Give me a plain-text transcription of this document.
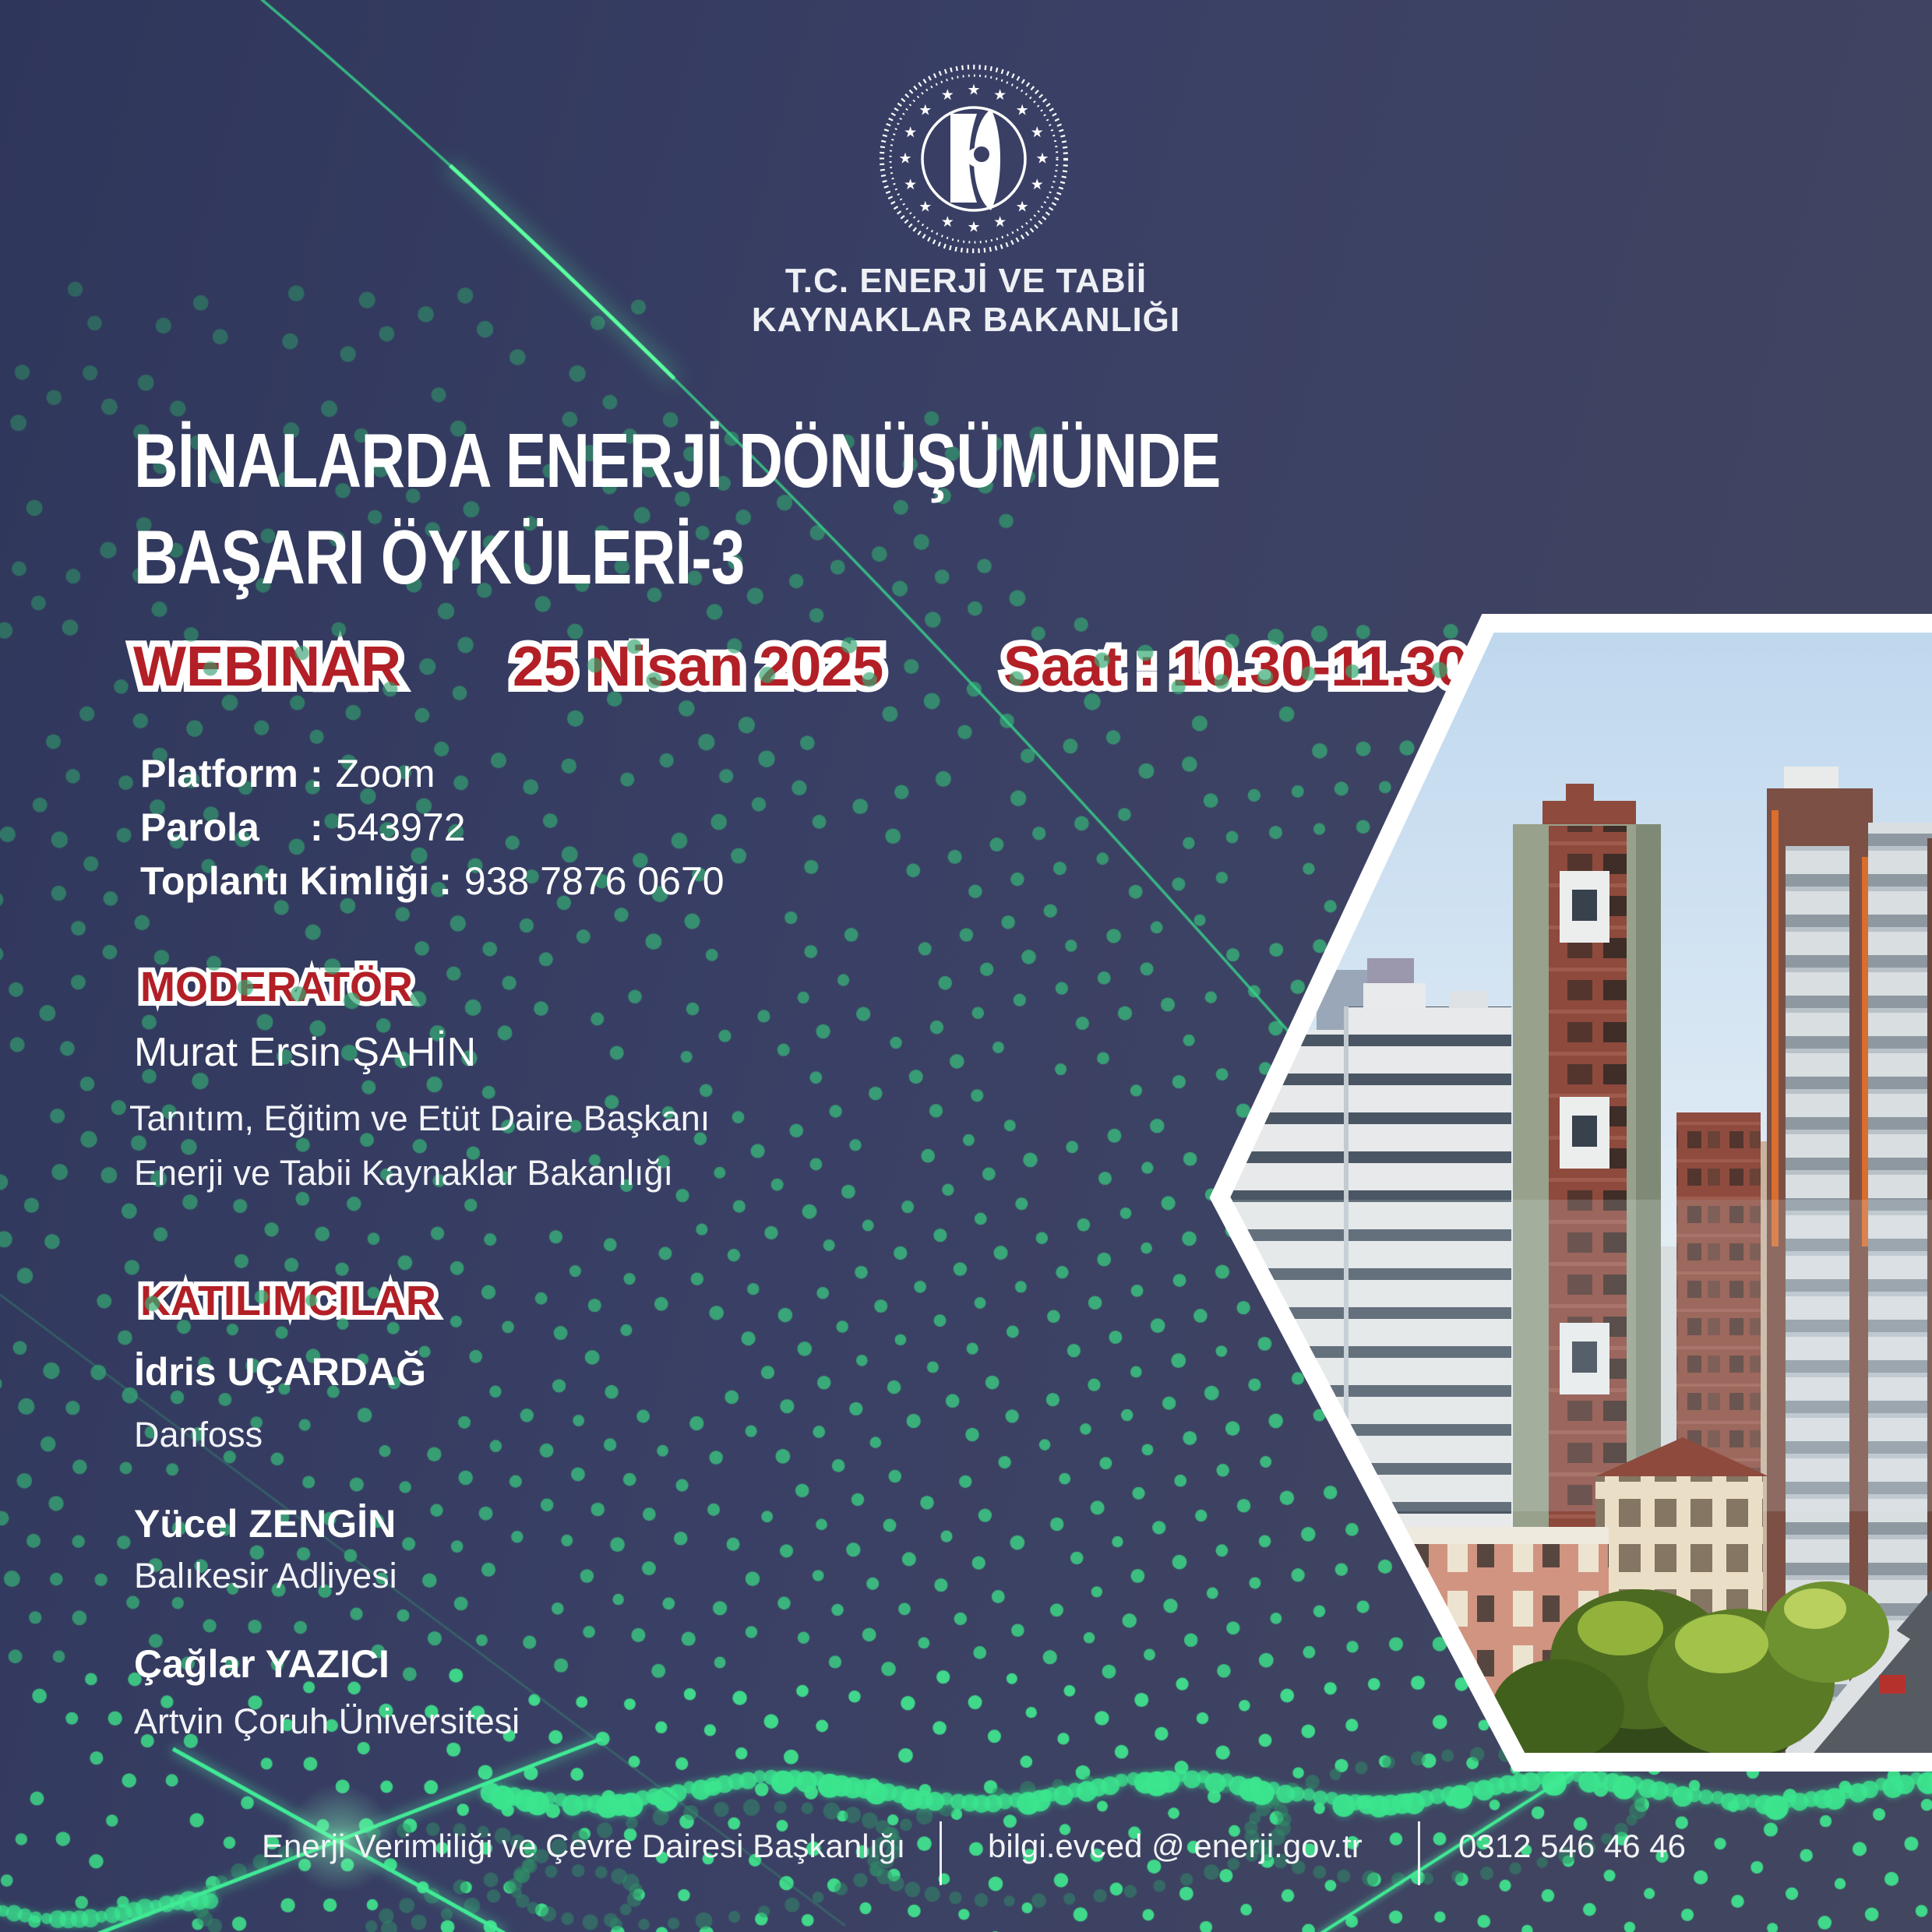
★ ★
★
★
★
★
★
★
★
★
★
★
★
★
★
★
T.C. ENERJİ VE TABİİ
KAYNAKLAR BAKANLIĞI
BİNALARDA ENERJİ DÖNÜŞÜMÜNDE
BAŞARI ÖYKÜLERİ-3
WEBINAR
25 Nisan 2025
Saat : 10.30-11.30
Platform : Zoom
Parola : 543972
Toplantı Kimliği : 938 7876 0670
MODERATÖR
Murat Ersin ŞAHİN
Tanıtım, Eğitim ve Etüt Daire Başkanı
Enerji ve Tabii Kaynaklar Bakanlığı
KATILIMCILAR
İdris UÇARDAĞ
Danfoss
Yücel ZENGİN
Balıkesir Adliyesi
Çağlar YAZICI
Artvin Çoruh Üniversitesi
Enerji Verimliliği ve Çevre Dairesi Başkanlığı	bilgi.evced @ enerji.gov.tr	0312 546 46 46
